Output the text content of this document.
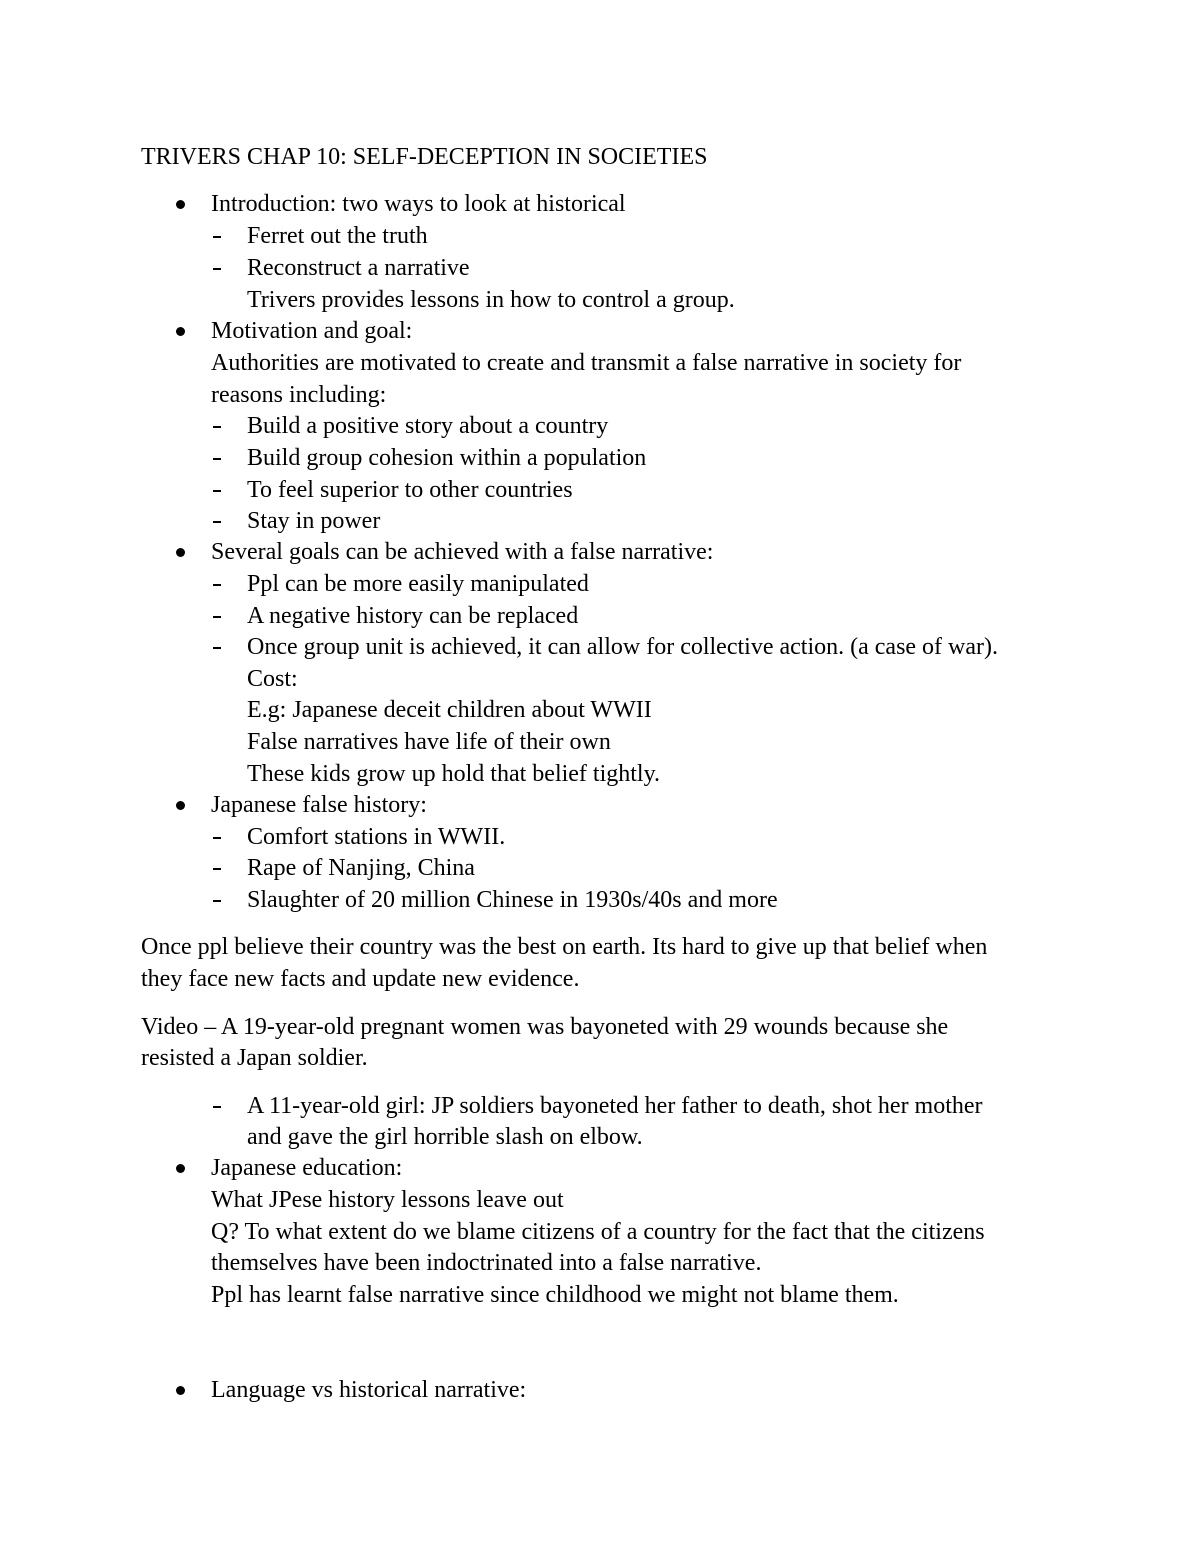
TRIVERS CHAP 10: SELF-DECEPTION IN SOCIETIES
Introduction: two ways to look at historical
Ferret out the truth
Reconstruct a narrative
Trivers provides lessons in how to control a group.
Motivation and goal:
Authorities are motivated to create and transmit a false narrative in society for
reasons including:
Build a positive story about a country
Build group cohesion within a population
To feel superior to other countries
Stay in power
Several goals can be achieved with a false narrative:
Ppl can be more easily manipulated
A negative history can be replaced
Once group unit is achieved, it can allow for collective action. (a case of war).
Cost:
E.g: Japanese deceit children about WWII
False narratives have life of their own
These kids grow up hold that belief tightly.
Japanese false history:
Comfort stations in WWII.
Rape of Nanjing, China
Slaughter of 20 million Chinese in 1930s/40s and more
Once ppl believe their country was the best on earth. Its hard to give up that belief when
they face new facts and update new evidence.
Video – A 19-year-old pregnant women was bayoneted with 29 wounds because she
resisted a Japan soldier.
A 11-year-old girl: JP soldiers bayoneted her father to death, shot her mother
and gave the girl horrible slash on elbow.
Japanese education:
What JPese history lessons leave out
Q? To what extent do we blame citizens of a country for the fact that the citizens
themselves have been indoctrinated into a false narrative.
Ppl has learnt false narrative since childhood we might not blame them.
Language vs historical narrative:
